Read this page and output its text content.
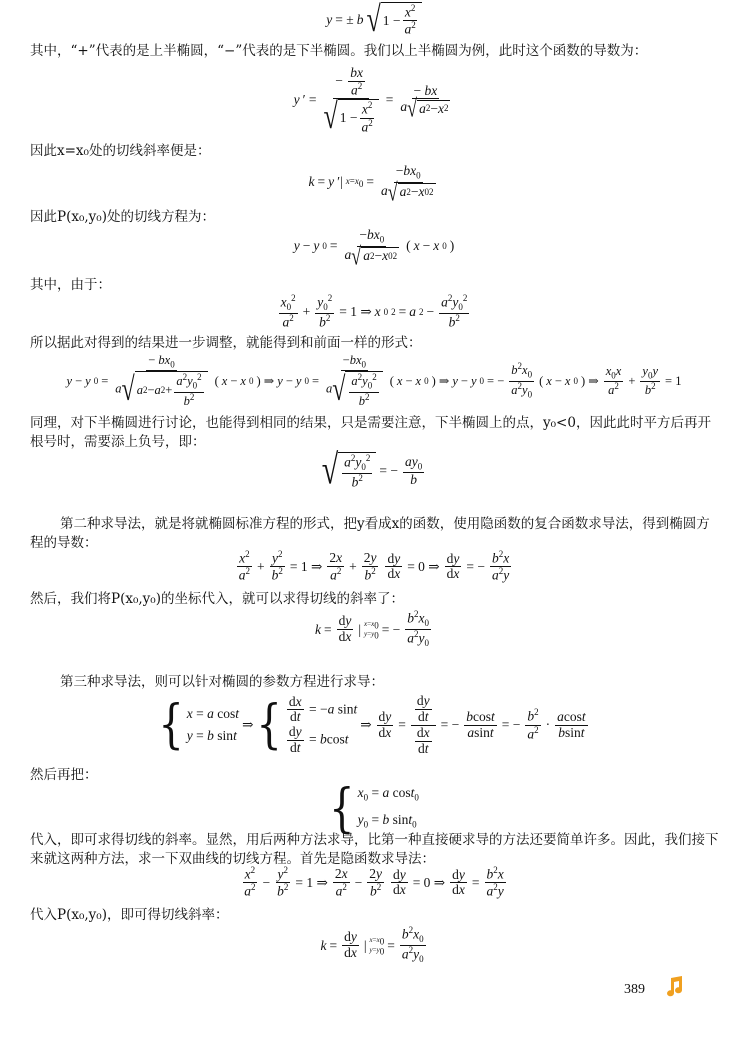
y = ± b √ 1 −
$x^2$
$a^2$
其中，“+”代表的是上半椭圆，“−”代表的是下半椭圆。我们以上半椭圆为例，此时这个函数的导数为：
y ′ =
− $\frac{bx}{a^2}$
√ 1 −
$x^2$
$a^2$
=
− bx
a √ a 2 − x 2
因此x=x₀处的切线斜率便是：
k = y ′| $x=x_0$ =
$-bx_0$
a √ a 2 − x 0 2
因此P(x₀,y₀)处的切线方程为：
y − y 0 =
$-bx_0$
a √ a 2 − x 0 2
( x − x 0 )
其中，由于：
$x_0^2$
$a^2$ +
$y_0^2$
$b^2 = 1$ ⇒ x 0 2 = a 2 −
$a^2y_0^2$
$b^2$
所以据此对得到的结果进一步调整，就能得到和前面一样的形式：
y − y 0 =
− $bx_0$
a √ a 2 − a 2 +
$a^2y_0^2$
$b^2$
( x − x 0 ) ⇒ y − y 0 =
$-bx_0$
a √ $a^2y_0^2$
$b^2$
( x − x 0 ) ⇒ y − y 0 = −
$b^2x_0$
$a^2y_0$
( x − x 0 ) ⇒
$x_0x$
$a^2$ +
$y_0y$
$b^2 = 1$
同理，对下半椭圆进行讨论，也能得到相同的结果，只是需要注意，下半椭圆上的点，y₀<0，因此此时平方后再开根号时，需要添上负号，即：
√ $a^2y_0^2$
$b^2$ = −
$ay_0$
b
第二种求导法，就是将就椭圆标准方程的形式，把y看成x的函数，使用隐函数的复合函数求导法，得到椭圆方程的导数：
$x^2$
$a^2$ +
$y^2$
$b^2 = 1$ ⇒
2x
$a^2$ +
2y
$b^2$
dy
dx = 0 ⇒
dy
dx = −
$b^2x$
$a^2y$
然后，我们将P(x₀,y₀)的坐标代入，就可以求得切线的斜率了：
k =
dy
dx | $x=x_0$
$y=y_0$ = −
$b^2x_0$
$a^2y_0$
第三种求导法，则可以针对椭圆的参数方程进行求导：
{ x = a cost
y = b sint
⇒ { $\frac{dx}{dt} = -a$ sint
$\frac{dy}{dt} = bcost$
⇒
dy
dx = $\frac{dy}{dt}$
$\frac{dx}{dt}$
= −
bcost
asint = −
$b^2$
$a^2$ ·
acost
bsint
然后再把：
{ $x_0 = a$ cost$_0$
$y_0 = b$ sint$_0$
代入，即可求得切线的斜率。显然，用后两种方法求导，比第一种直接硬求导的方法还要简单许多。因此，我们接下来就这两种方法，求一下双曲线的切线方程。首先是隐函数求导法：
$x^2$
$a^2$ −
$y^2$
$b^2 = 1$ ⇒
2x
$a^2$ −
2y
$b^2$
dy
dx = 0 ⇒
dy
dx =
$b^2x$
$a^2y$
代入P(x₀,y₀)，即可得切线斜率：
k =
dy
dx | $x=x_0$
$y=y_0$ =
$b^2x_0$
$a^2y_0$
389
